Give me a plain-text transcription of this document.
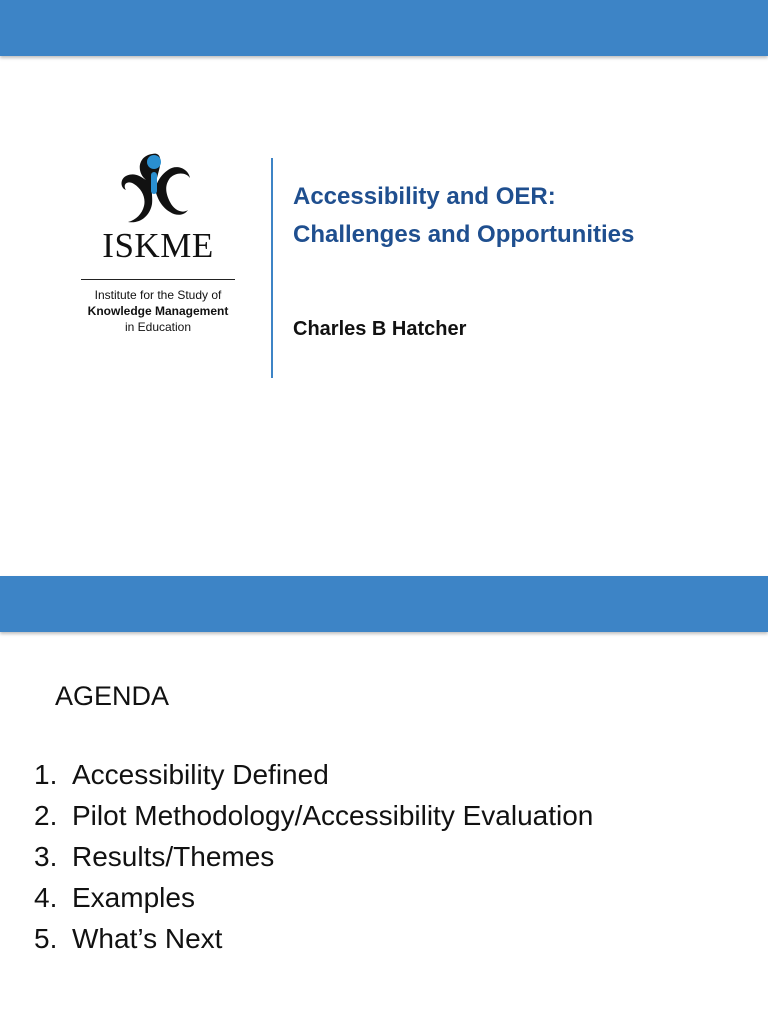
ISKME
Institute for the Study of
Knowledge Management
in Education
Accessibility and OER:
Challenges and Opportunities
Charles B Hatcher
AGENDA
1. Accessibility Defined
2. Pilot Methodology/Accessibility Evaluation
3. Results/Themes
4. Examples
5. What’s Next
